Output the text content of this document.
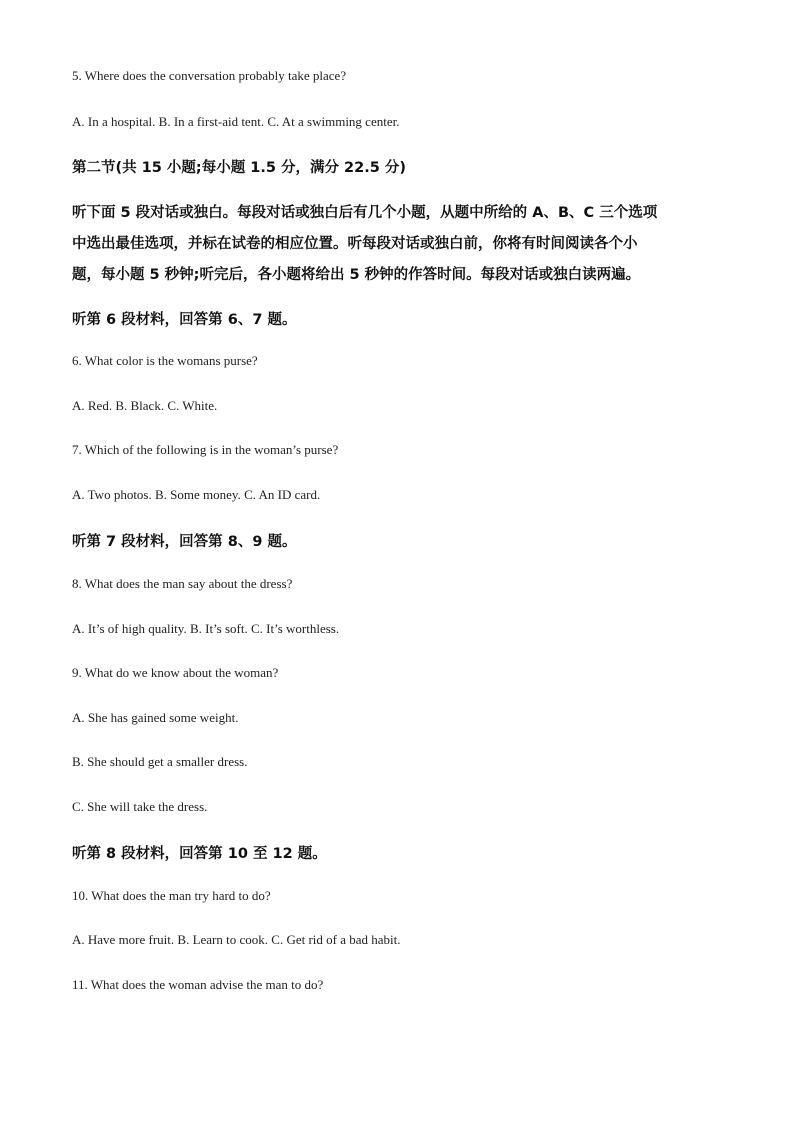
5. Where does the conversation probably take place?
A. In a hospital. B. In a first-aid tent. C. At a swimming center.
第二节(共 15 小题;每小题 1.5 分，满分 22.5 分)
听下面 5 段对话或独白。每段对话或独白后有几个小题，从题中所给的 A、B、C 三个选项
中选出最佳选项，并标在试卷的相应位置。听每段对话或独白前，你将有时间阅读各个小
题，每小题 5 秒钟;听完后，各小题将给出 5 秒钟的作答时间。每段对话或独白读两遍。
听第 6 段材料，回答第 6、7 题。
6. What color is the womans purse?
A. Red. B. Black. C. White.
7. Which of the following is in the woman’s purse?
A. Two photos. B. Some money. C. An ID card.
听第 7 段材料，回答第 8、9 题。
8. What does the man say about the dress?
A. It’s of high quality. B. It’s soft. C. It’s worthless.
9. What do we know about the woman?
A. She has gained some weight.
B. She should get a smaller dress.
C. She will take the dress.
听第 8 段材料，回答第 10 至 12 题。
10. What does the man try hard to do?
A. Have more fruit. B. Learn to cook. C. Get rid of a bad habit.
11. What does the woman advise the man to do?
